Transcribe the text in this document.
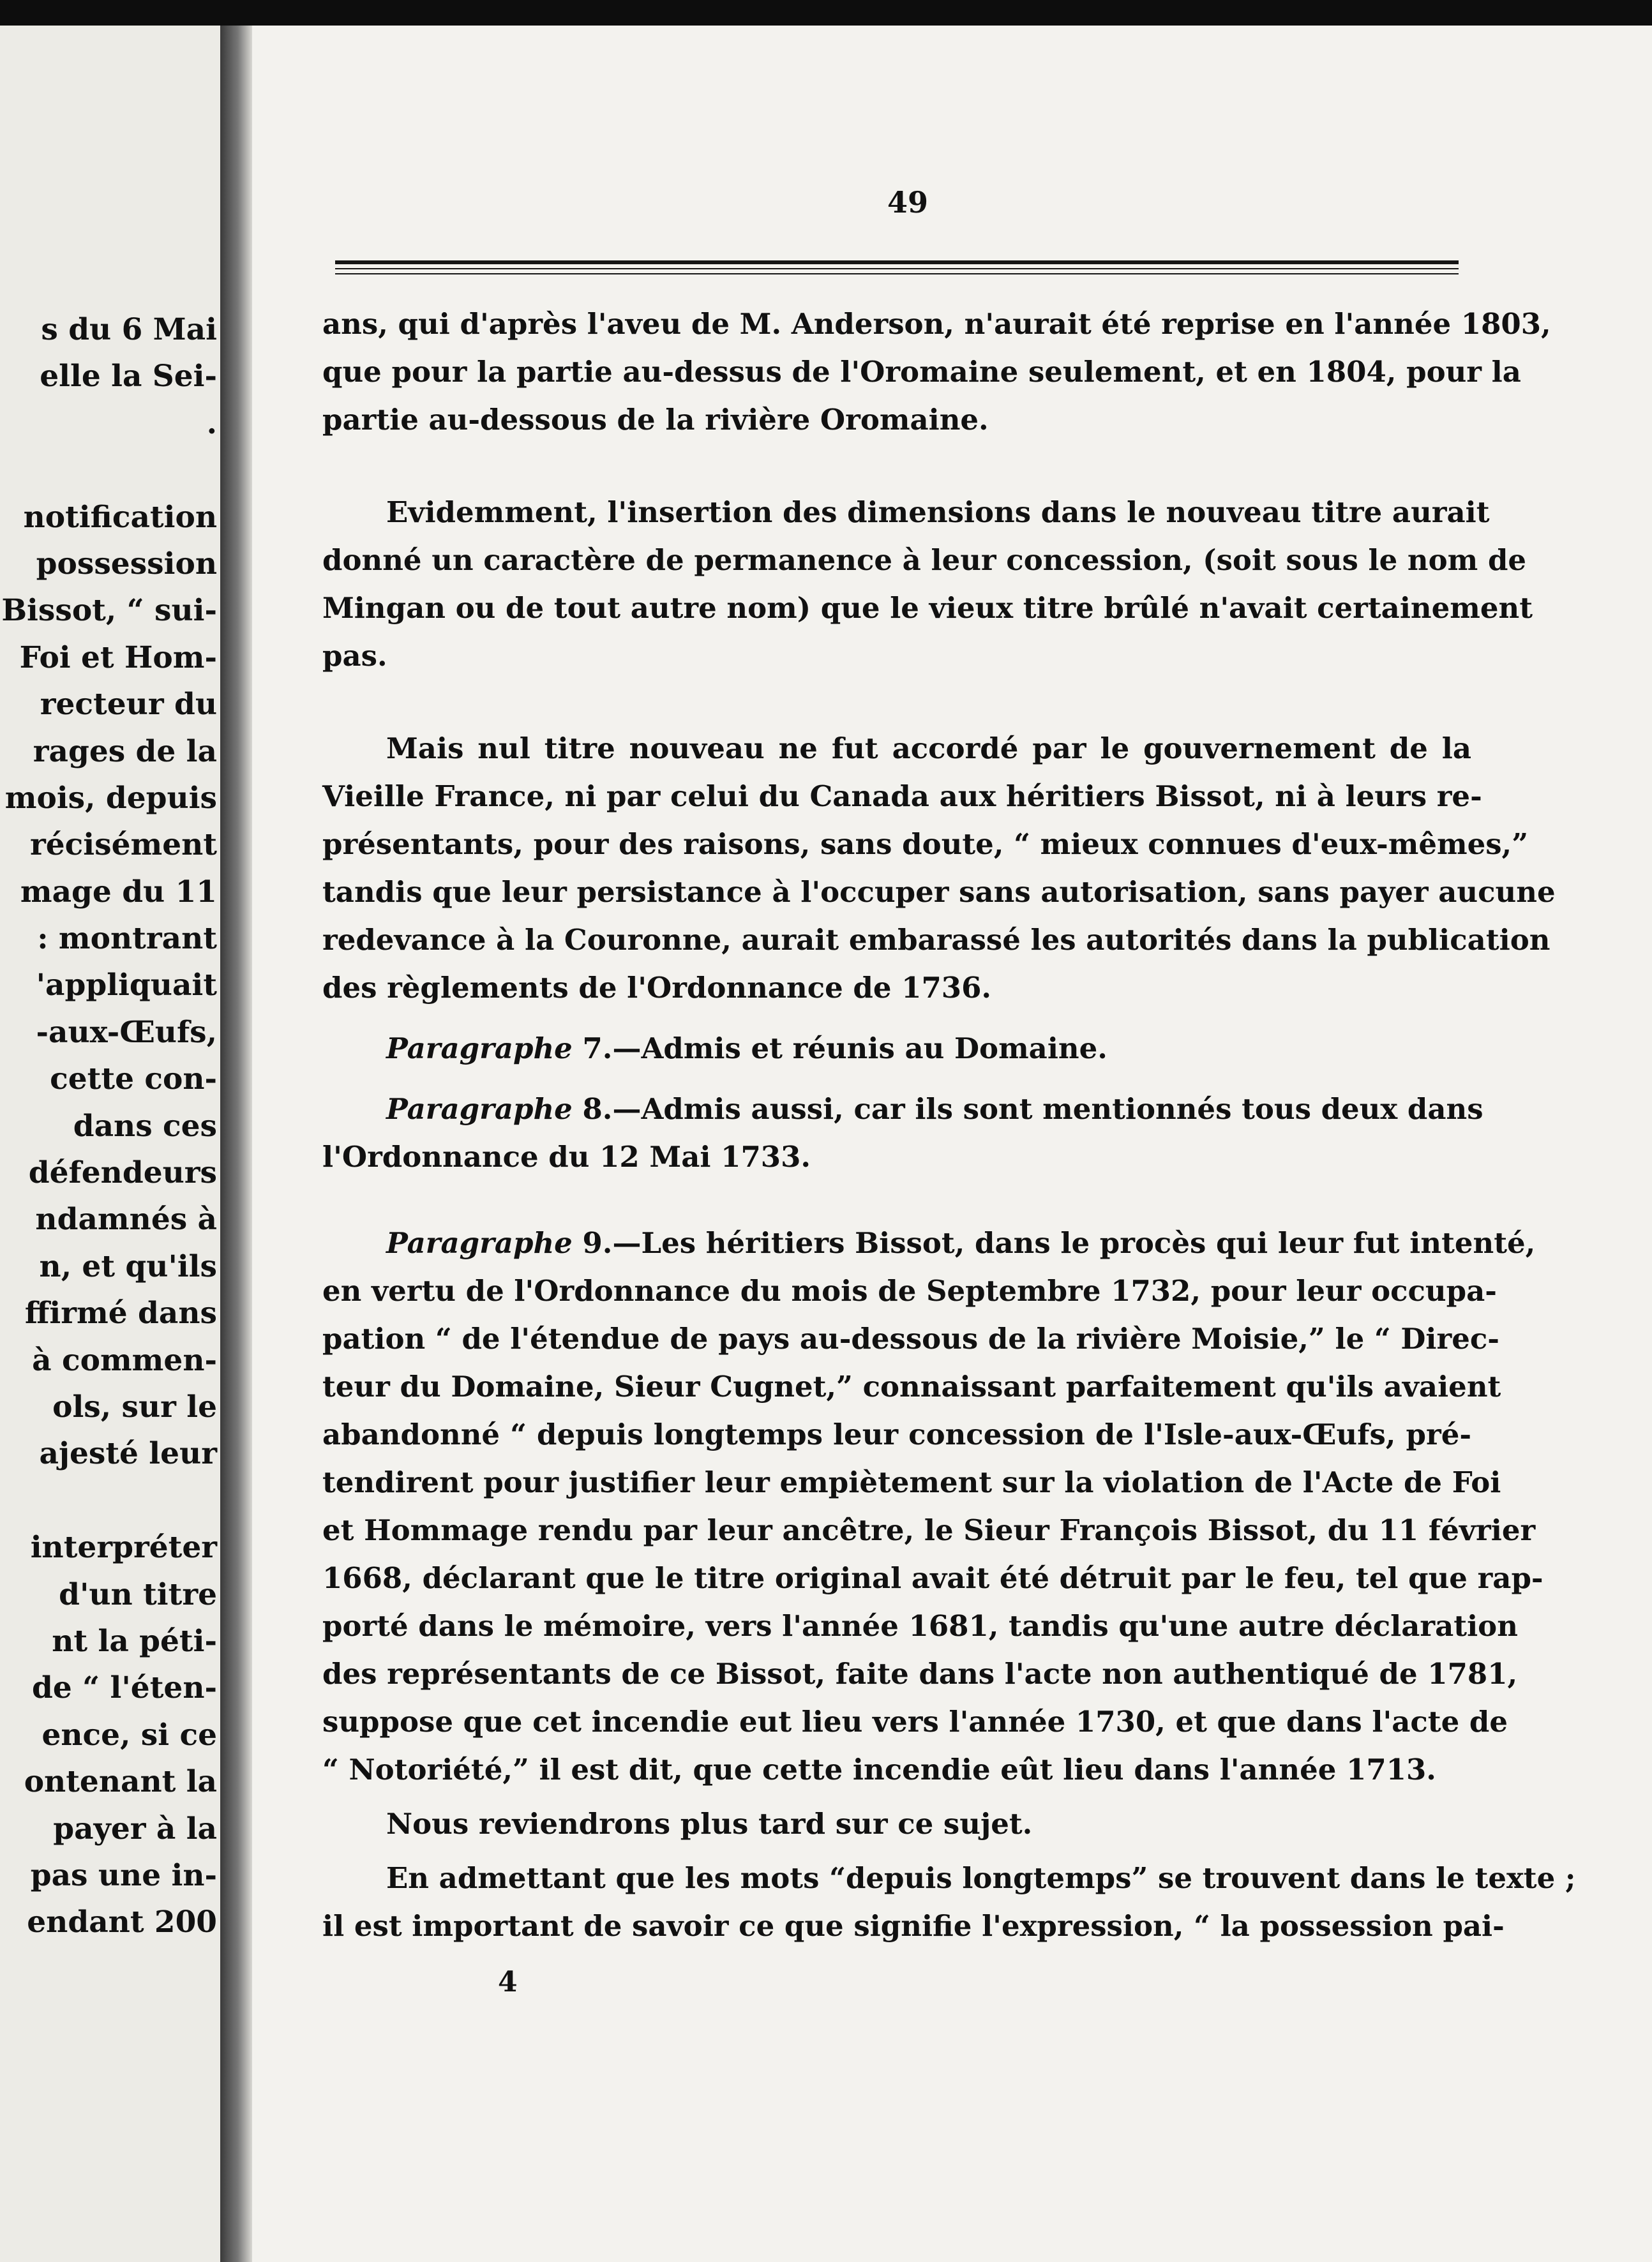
s du 6 Mai
elle la Sei-
.
notification
possession
Bissot, “ sui-
Foi et Hom-
recteur du
rages de la
mois, depuis
récisément
mage du 11
: montrant
'appliquait
-aux-Œufs,
cette con-
dans ces
défendeurs
ndamnés à
n, et qu'ils
ffirmé dans
à commen-
ols, sur le
ajesté leur
interpréter
d'un titre
nt la péti-
de “ l'éten-
ence, si ce
ontenant la
payer à la
pas une in-
endant 200
49

ans, qui d'après l'aveu de M. Anderson, n'aurait été reprise en l'année 1803,
que pour la partie au-dessus de l'Oromaine seulement, et en 1804, pour la
partie au-dessous de la rivière Oromaine.

Evidemment, l'insertion des dimensions dans le nouveau titre aurait
donné un caractère de permanence à leur concession, (soit sous le nom de
Mingan ou de tout autre nom) que le vieux titre brûlé n'avait certainement
pas.

Mais nul titre nouveau ne fut accordé par le gouvernement de la
Vieille France, ni par celui du Canada aux héritiers Bissot, ni à leurs re-
présentants, pour des raisons, sans doute, “ mieux connues d'eux-mêmes,”
tandis que leur persistance à l'occuper sans autorisation, sans payer aucune
redevance à la Couronne, aurait embarassé les autorités dans la publication
des règlements de l'Ordonnance de 1736.

Paragraphe 7.—Admis et réunis au Domaine.

Paragraphe 8.—Admis aussi, car ils sont mentionnés tous deux dans
l'Ordonnance du 12 Mai 1733.

Paragraphe 9.—Les héritiers Bissot, dans le procès qui leur fut intenté,
en vertu de l'Ordonnance du mois de Septembre 1732, pour leur occupa-
pation “ de l'étendue de pays au-dessous de la rivière Moisie,” le “ Direc-
teur du Domaine, Sieur Cugnet,” connaissant parfaitement qu'ils avaient
abandonné “ depuis longtemps leur concession de l'Isle-aux-Œufs, pré-
tendirent pour justifier leur empiètement sur la violation de l'Acte de Foi
et Hommage rendu par leur ancêtre, le Sieur François Bissot, du 11 février
1668, déclarant que le titre original avait été détruit par le feu, tel que rap-
porté dans le mémoire, vers l'année 1681, tandis qu'une autre déclaration
des représentants de ce Bissot, faite dans l'acte non authentiqué de 1781,
suppose que cet incendie eut lieu vers l'année 1730, et que dans l'acte de
“ Notoriété,” il est dit, que cette incendie eût lieu dans l'année 1713.

Nous reviendrons plus tard sur ce sujet.

En admettant que les mots “depuis longtemps” se trouvent dans le texte ;
il est important de savoir ce que signifie l'expression, “ la possession pai-

4
